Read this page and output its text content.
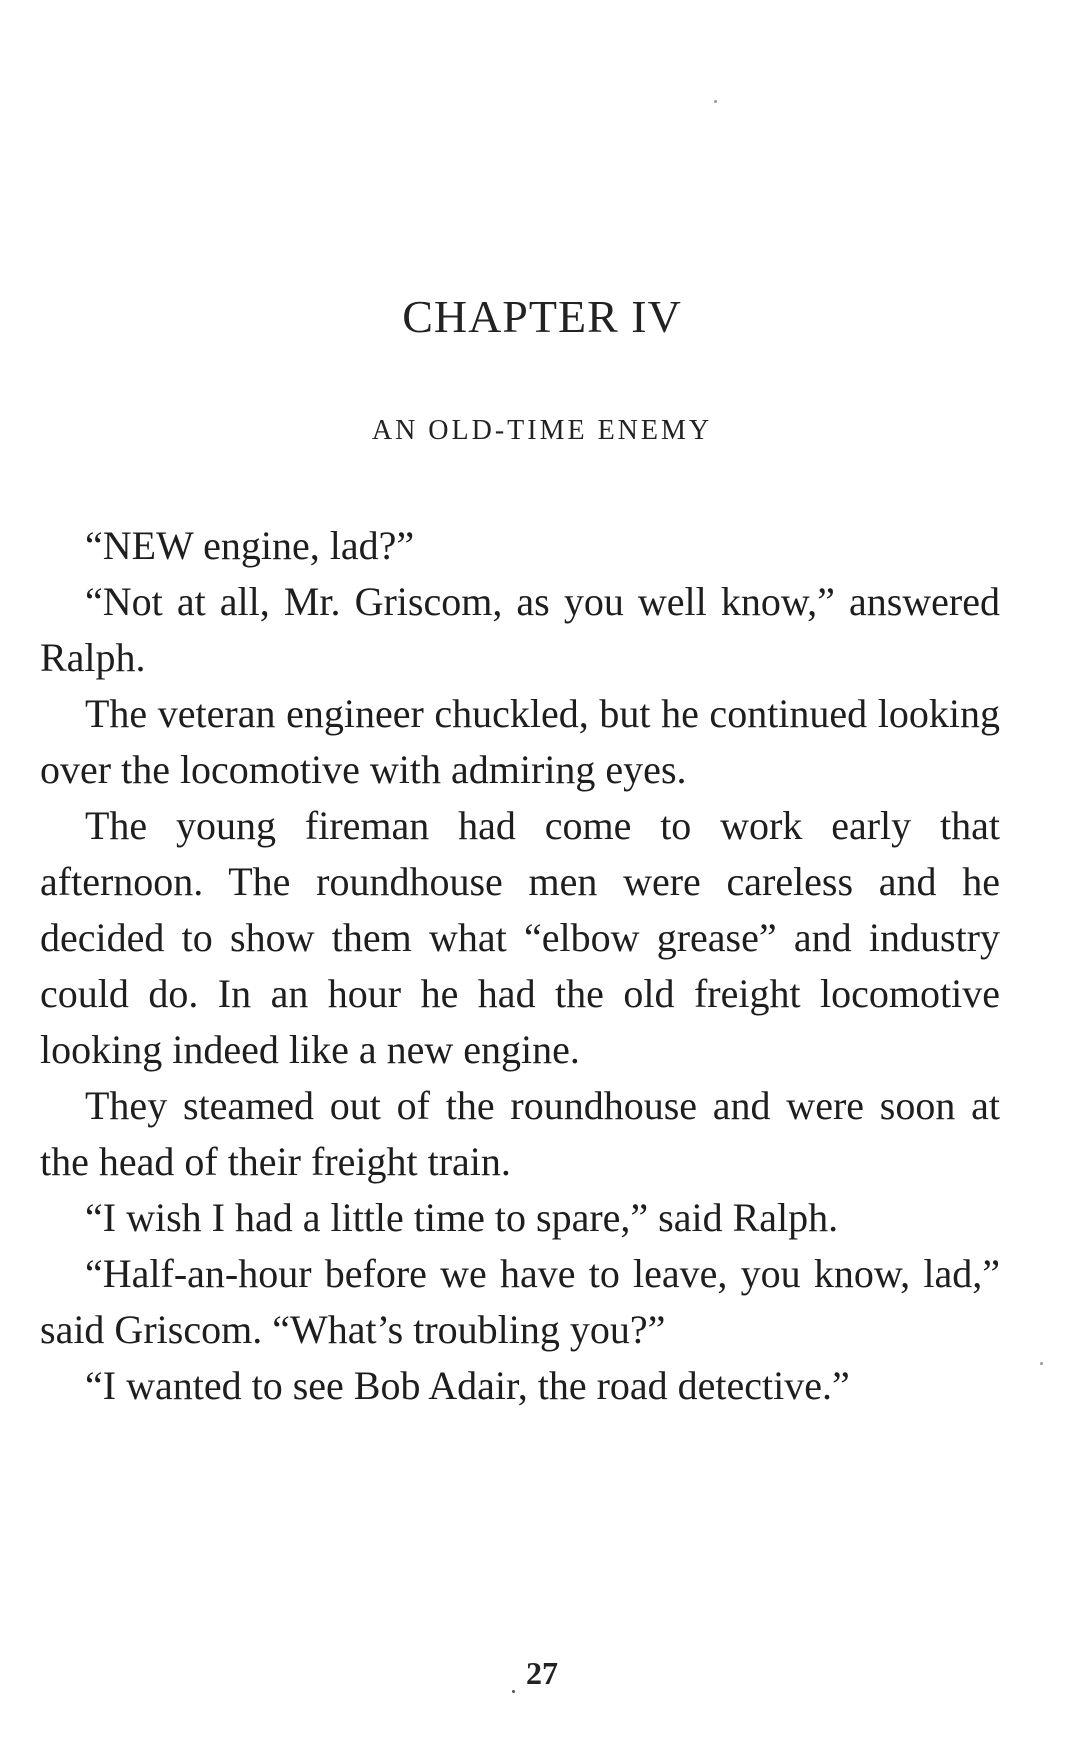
CHAPTER IV
AN OLD-TIME ENEMY

“NEW engine, lad?”

“Not at all, Mr. Griscom, as you well know,” answered Ralph.

The veteran engineer chuckled, but he continued looking over the locomotive with admiring eyes.

The young fireman had come to work early that afternoon. The roundhouse men were careless and he decided to show them what “elbow grease” and industry could do. In an hour he had the old freight locomotive looking indeed like a new engine.

They steamed out of the roundhouse and were soon at the head of their freight train.

“I wish I had a little time to spare,” said Ralph.

“Half-an-hour before we have to leave, you know, lad,” said Griscom. “What’s troubling you?”

“I wanted to see Bob Adair, the road detective.”

27
